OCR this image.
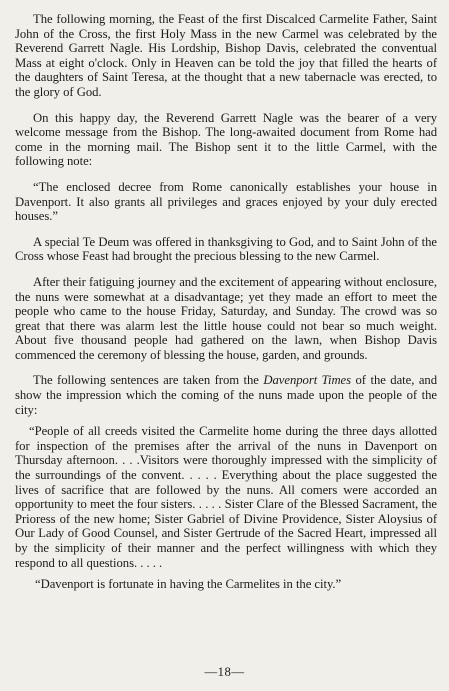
The following morning, the Feast of the first Discalced Carmelite Father, Saint John of the Cross, the first Holy Mass in the new Carmel was celebrated by the Reverend Garrett Nagle. His Lordship, Bishop Davis, celebrated the conventual Mass at eight o'clock. Only in Heaven can be told the joy that filled the hearts of the daughters of Saint Teresa, at the thought that a new tabernacle was erected, to the glory of God.

On this happy day, the Reverend Garrett Nagle was the bearer of a very welcome message from the Bishop. The long-awaited document from Rome had come in the morning mail. The Bishop sent it to the little Carmel, with the following note:

“The enclosed decree from Rome canonically establishes your house in Davenport. It also grants all privileges and graces enjoyed by your duly erected houses.”

A special Te Deum was offered in thanksgiving to God, and to Saint John of the Cross whose Feast had brought the precious blessing to the new Carmel.

After their fatiguing journey and the excitement of appearing without enclosure, the nuns were somewhat at a disadvantage; yet they made an effort to meet the people who came to the house Friday, Saturday, and Sunday. The crowd was so great that there was alarm lest the little house could not bear so much weight. About five thousand people had gathered on the lawn, when Bishop Davis commenced the ceremony of blessing the house, garden, and grounds.

The following sentences are taken from the Davenport Times of the date, and show the impression which the coming of the nuns made upon the people of the city:

“People of all creeds visited the Carmelite home during the three days allotted for inspection of the premises after the arrival of the nuns in Davenport on Thursday afternoon. . . .Visitors were thoroughly impressed with the simplicity of the surroundings of the convent. . . . . Everything about the place suggested the lives of sacrifice that are followed by the nuns. All comers were accorded an opportunity to meet the four sisters. . . . . Sister Clare of the Blessed Sacrament, the Prioress of the new home; Sister Gabriel of Divine Providence, Sister Aloysius of Our Lady of Good Counsel, and Sister Gertrude of the Sacred Heart, impressed all by the simplicity of their manner and the perfect willingness with which they respond to all questions. . . . .

“Davenport is fortunate in having the Carmelites in the city.”

—18—
